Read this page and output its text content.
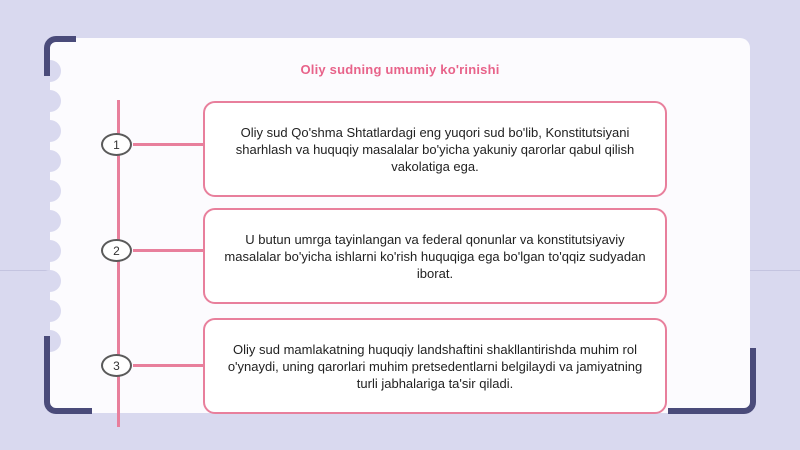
Oliy sudning umumiy ko'rinishi
1
Oliy sud Qo'shma Shtatlardagi eng yuqori sud bo'lib, Konstitutsiyani sharhlash va huquqiy masalalar bo'yicha yakuniy qarorlar qabul qilish vakolatiga ega.
2
U butun umrga tayinlangan va federal qonunlar va konstitutsiyaviy masalalar bo'yicha ishlarni ko'rish huquqiga ega bo'lgan to'qqiz sudyadan iborat.
3
Oliy sud mamlakatning huquqiy landshaftini shakllantirishda muhim rol o'ynaydi, uning qarorlari muhim pretsedentlarni belgilaydi va jamiyatning turli jabhalariga ta'sir qiladi.
